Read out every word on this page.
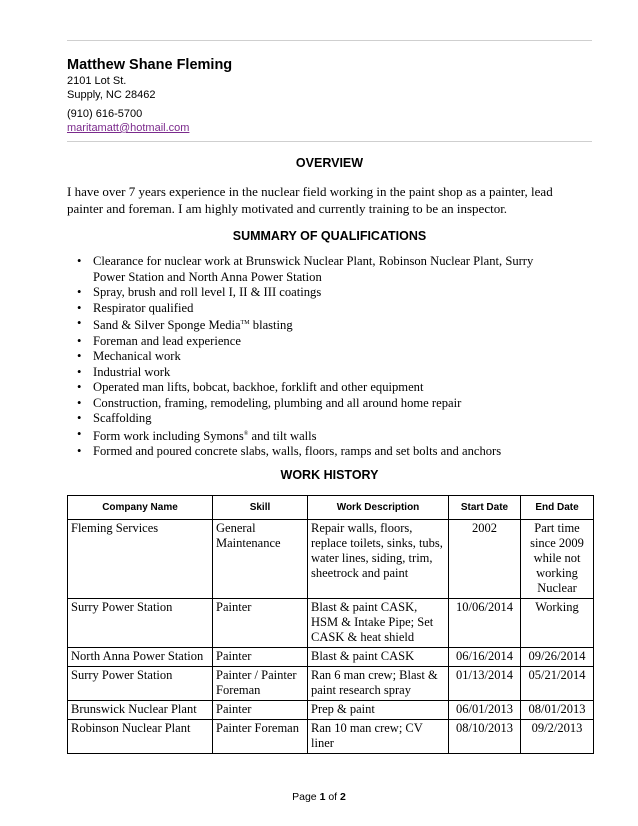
Matthew Shane Fleming
2101 Lot St.
Supply, NC 28462
(910) 616-5700
maritamatt@hotmail.com
OVERVIEW
I have over 7 years experience in the nuclear field working in the paint shop as a painter, lead painter and foreman. I am highly motivated and currently training to be an inspector.
SUMMARY OF QUALIFICATIONS
• Clearance for nuclear work at Brunswick Nuclear Plant, Robinson Nuclear Plant, Surry Power Station and North Anna Power Station
• Spray, brush and roll level I, II & III coatings
• Respirator qualified
• Sand & Silver Sponge Media™ blasting
• Foreman and lead experience
• Mechanical work
• Industrial work
• Operated man lifts, bobcat, backhoe, forklift and other equipment
• Construction, framing, remodeling, plumbing and all around home repair
• Scaffolding
• Form work including Symons® and tilt walls
• Formed and poured concrete slabs, walls, floors, ramps and set bolts and anchors
WORK HISTORY
Company Name	Skill	Work Description	Start Date	End Date
Fleming Services	General Maintenance	Repair walls, floors, replace toilets, sinks, tubs, water lines, siding, trim, sheetrock and paint	2002	Part time since 2009 while not working Nuclear
Surry Power Station	Painter	Blast & paint CASK, HSM & Intake Pipe; Set CASK & heat shield	10/06/2014	Working
North Anna Power Station	Painter	Blast & paint CASK	06/16/2014	09/26/2014
Surry Power Station	Painter / Painter Foreman	Ran 6 man crew; Blast & paint research spray	01/13/2014	05/21/2014
Brunswick Nuclear Plant	Painter	Prep & paint	06/01/2013	08/01/2013
Robinson Nuclear Plant	Painter Foreman	Ran 10 man crew; CV liner	08/10/2013	09/2/2013
Page 1 of 2
